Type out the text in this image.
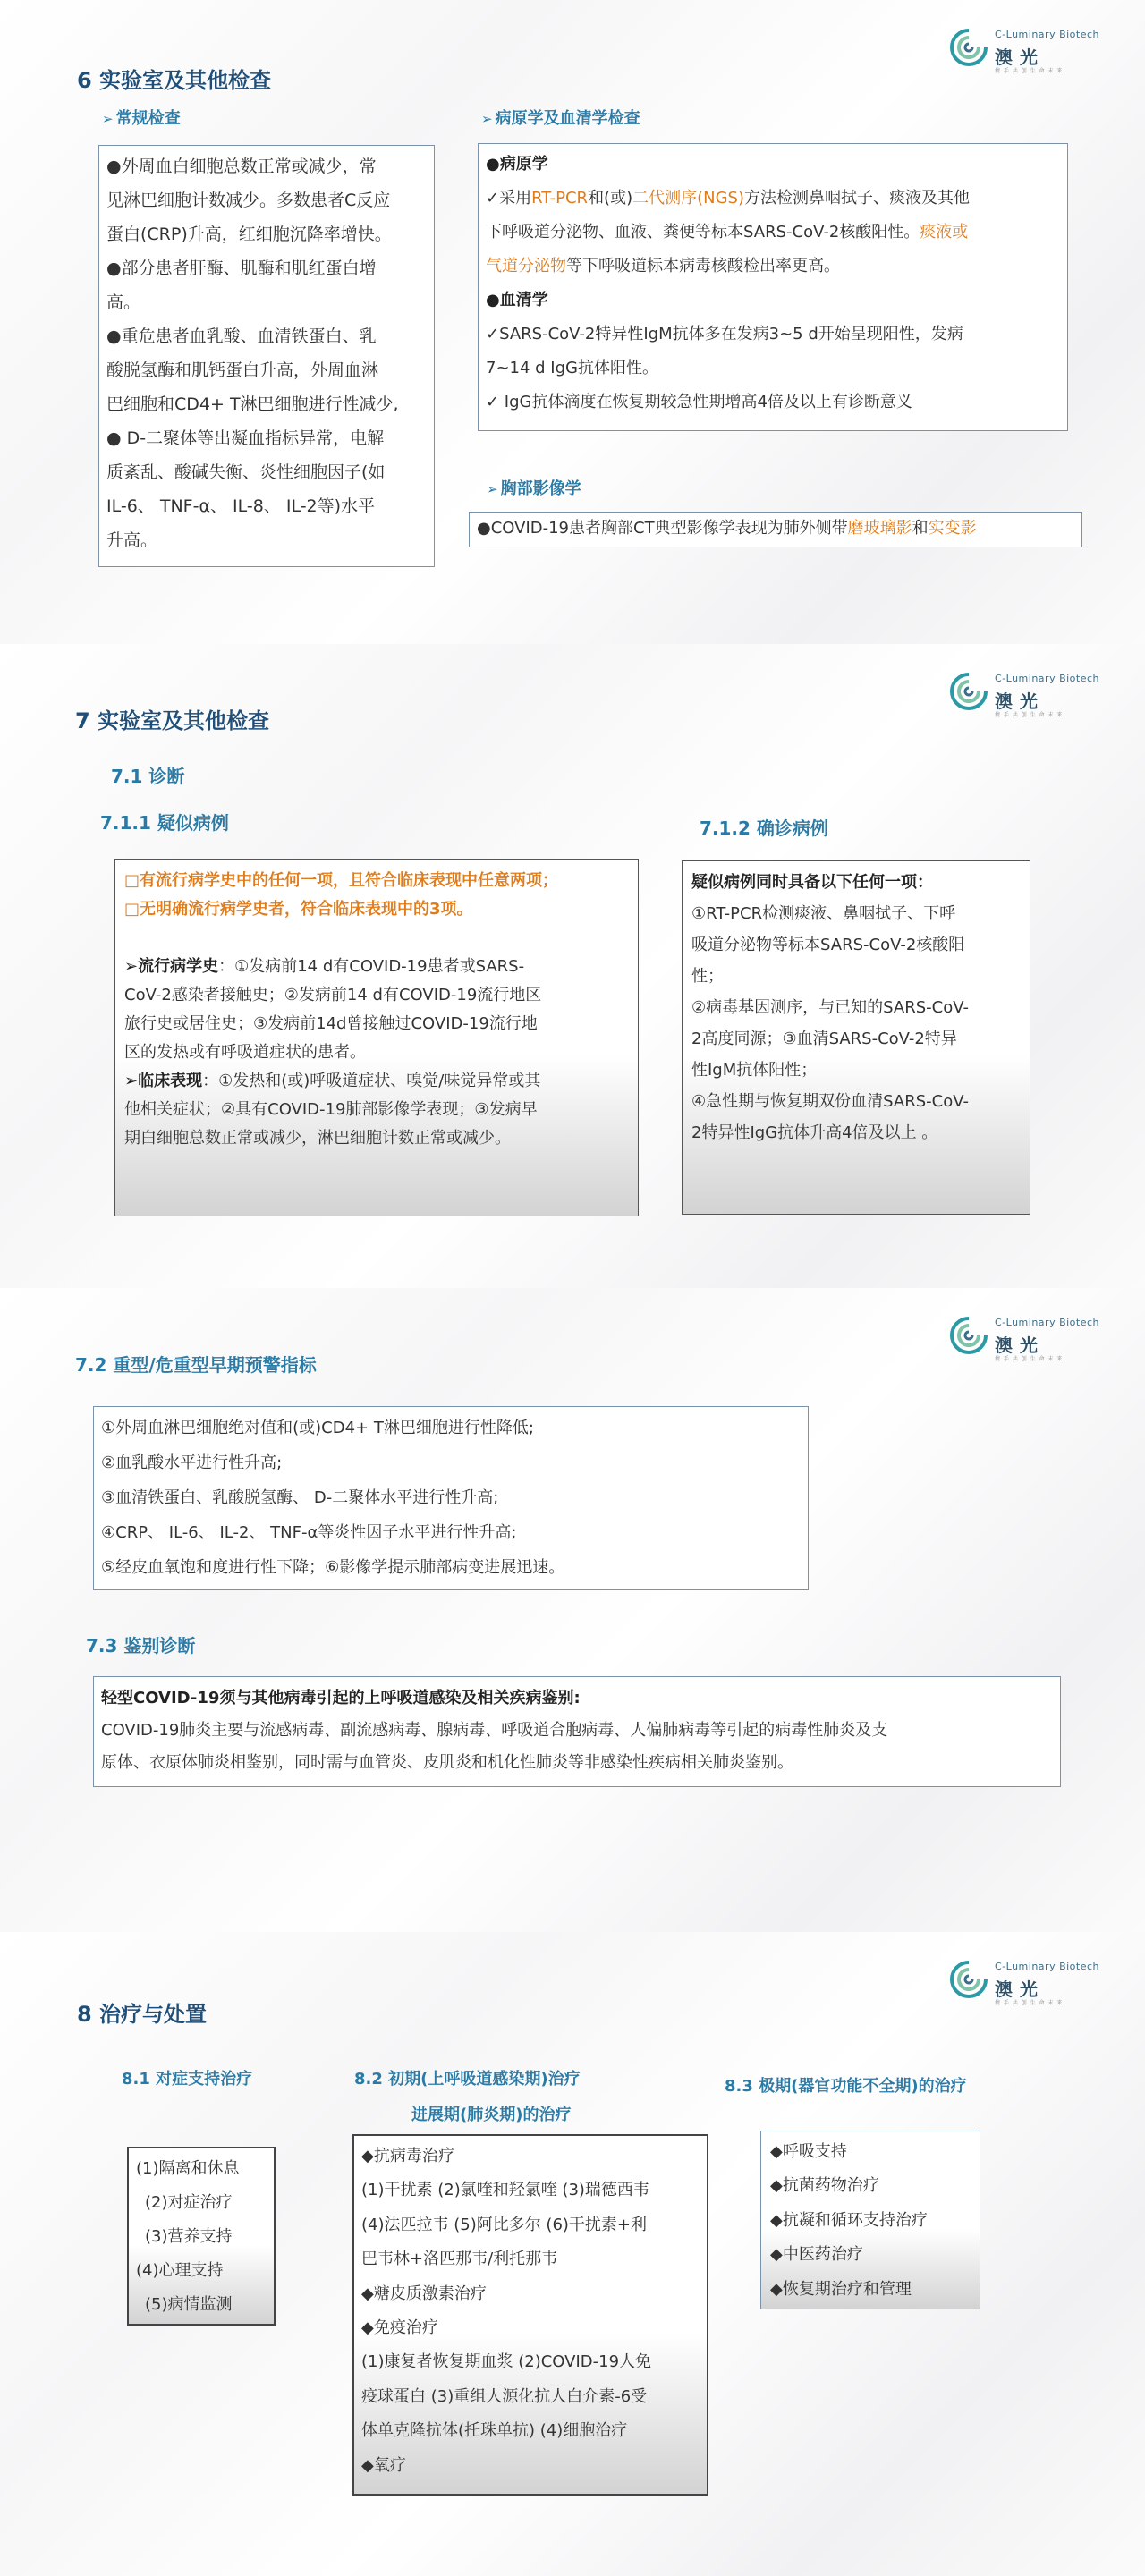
C-Luminary Biotech
澳光
携 手 共 创 生 命 未 来
6 实验室及其他检查
➢ 常规检查
●外周血白细胞总数正常或减少，常
见淋巴细胞计数减少。多数患者C反应
蛋白(CRP)升高，红细胞沉降率增快。
●部分患者肝酶、肌酶和肌红蛋白增
高。
●重危患者血乳酸、血清铁蛋白、乳
酸脱氢酶和肌钙蛋白升高，外周血淋
巴细胞和CD4+ T淋巴细胞进行性减少,
● D-二聚体等出凝血指标异常，电解
质紊乱、酸碱失衡、炎性细胞因子(如
IL-6、 TNF-α、 IL-8、 IL-2等)水平
升高。
➢ 病原学及血清学检查
●病原学
✓采用RT-PCR和(或)二代测序(NGS)方法检测鼻咽拭子、痰液及其他
下呼吸道分泌物、血液、粪便等标本SARS-CoV-2核酸阳性。痰液或
气道分泌物等下呼吸道标本病毒核酸检出率更高。
●血清学
✓SARS-CoV-2特异性IgM抗体多在发病3~5 d开始呈现阳性，发病
7~14 d IgG抗体阳性。
✓ IgG抗体滴度在恢复期较急性期增高4倍及以上有诊断意义
➢ 胸部影像学
●COVID-19患者胸部CT典型影像学表现为肺外侧带磨玻璃影和实变影
C-Luminary Biotech
澳光
携 手 共 创 生 命 未 来
7 实验室及其他检查
7.1 诊断
7.1.1 疑似病例	7.1.2 确诊病例
□有流行病学史中的任何一项，且符合临床表现中任意两项；
□无明确流行病学史者，符合临床表现中的3项。
➢流行病学史：①发病前14 d有COVID-19患者或SARS-
CoV-2感染者接触史；②发病前14 d有COVID-19流行地区
旅行史或居住史；③发病前14d曾接触过COVID-19流行地
区的发热或有呼吸道症状的患者。
➢临床表现：①发热和(或)呼吸道症状、嗅觉/味觉异常或其
他相关症状；②具有COVID-19肺部影像学表现；③发病早
期白细胞总数正常或减少，淋巴细胞计数正常或减少。
疑似病例同时具备以下任何一项：
①RT-PCR检测痰液、鼻咽拭子、下呼
吸道分泌物等标本SARS-CoV-2核酸阳
性；
②病毒基因测序，与已知的SARS-CoV-
2高度同源；③血清SARS-CoV-2特异
性IgM抗体阳性；
④急性期与恢复期双份血清SARS-CoV-
2特异性IgG抗体升高4倍及以上 。
C-Luminary Biotech
澳光
携 手 共 创 生 命 未 来
7.2 重型/危重型早期预警指标
①外周血淋巴细胞绝对值和(或)CD4+ T淋巴细胞进行性降低;
②血乳酸水平进行性升高;
③血清铁蛋白、乳酸脱氢酶、 D-二聚体水平进行性升高;
④CRP、 IL-6、 IL-2、 TNF-α等炎性因子水平进行性升高;
⑤经皮血氧饱和度进行性下降；⑥影像学提示肺部病变进展迅速。
7.3 鉴别诊断
轻型COVID-19须与其他病毒引起的上呼吸道感染及相关疾病鉴别:
COVID-19肺炎主要与流感病毒、副流感病毒、腺病毒、呼吸道合胞病毒、人偏肺病毒等引起的病毒性肺炎及支
原体、衣原体肺炎相鉴别，同时需与血管炎、皮肌炎和机化性肺炎等非感染性疾病相关肺炎鉴别。
C-Luminary Biotech
澳光
携 手 共 创 生 命 未 来
8 治疗与处置
8.1 对症支持治疗	8.2 初期(上呼吸道感染期)治疗
进展期(肺炎期)的治疗
8.3 极期(器官功能不全期)的治疗
(1)隔离和休息
(2)对症治疗
(3)营养支持
(4)心理支持
(5)病情监测
◆抗病毒治疗
(1)干扰素 (2)氯喹和羟氯喹 (3)瑞德西韦
(4)法匹拉韦 (5)阿比多尔 (6)干扰素+利
巴韦林+洛匹那韦/利托那韦
◆糖皮质激素治疗
◆免疫治疗
(1)康复者恢复期血浆 (2)COVID-19人免
疫球蛋白 (3)重组人源化抗人白介素-6受
体单克隆抗体(托珠单抗) (4)细胞治疗
◆氧疗
◆呼吸支持
◆抗菌药物治疗
◆抗凝和循环支持治疗
◆中医药治疗
◆恢复期治疗和管理
